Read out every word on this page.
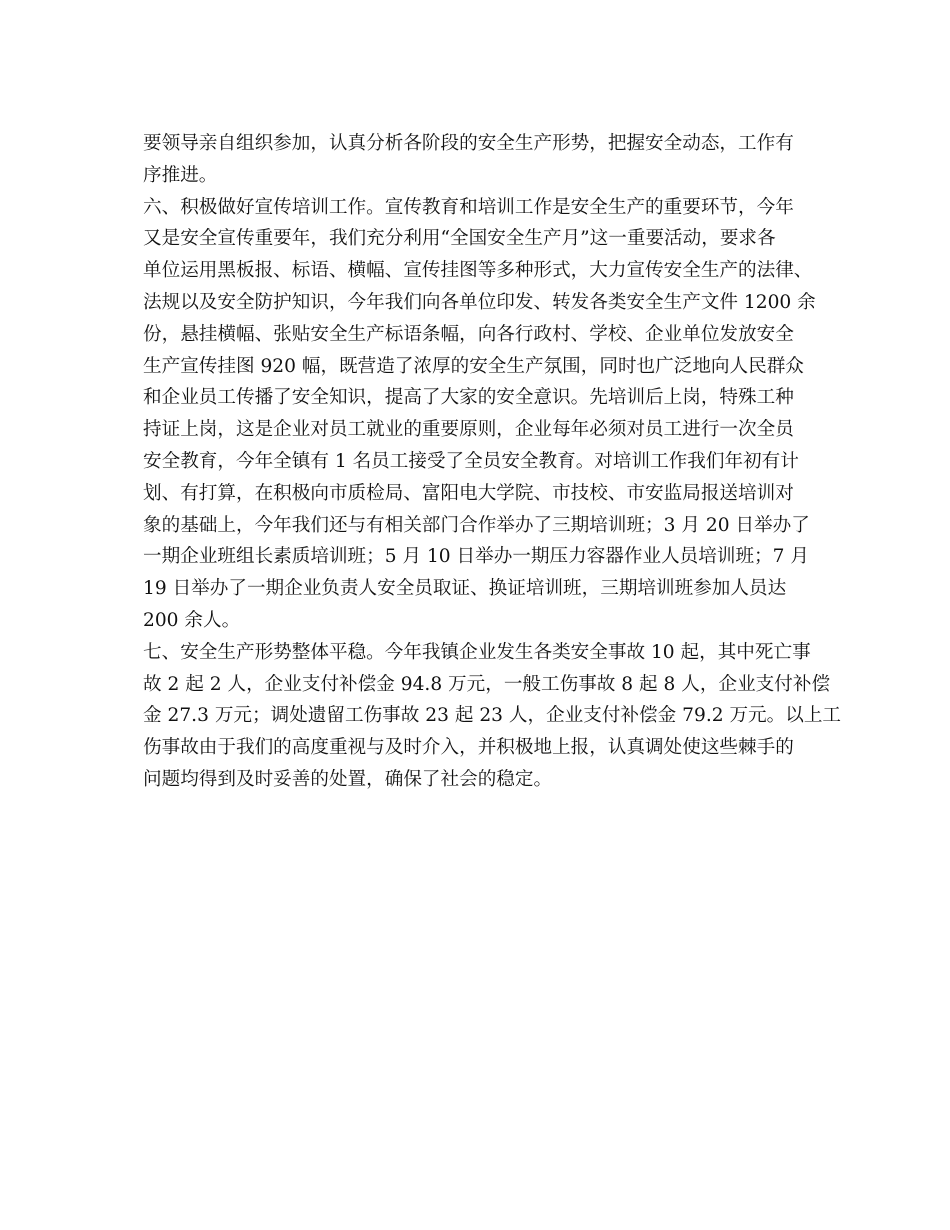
要领导亲自组织参加，认真分析各阶段的安全生产形势，把握安全动态，工作有
序推进。
六、积极做好宣传培训工作。宣传教育和培训工作是安全生产的重要环节，今年
又是安全宣传重要年，我们充分利用“全国安全生产月”这一重要活动，要求各
单位运用黑板报、标语、横幅、宣传挂图等多种形式，大力宣传安全生产的法律、
法规以及安全防护知识，今年我们向各单位印发、转发各类安全生产文件 1200 余
份，悬挂横幅、张贴安全生产标语条幅，向各行政村、学校、企业单位发放安全
生产宣传挂图 920 幅，既营造了浓厚的安全生产氛围，同时也广泛地向人民群众
和企业员工传播了安全知识，提高了大家的安全意识。先培训后上岗，特殊工种
持证上岗，这是企业对员工就业的重要原则，企业每年必须对员工进行一次全员
安全教育，今年全镇有 1 名员工接受了全员安全教育。对培训工作我们年初有计
划、有打算，在积极向市质检局、富阳电大学院、市技校、市安监局报送培训对
象的基础上，今年我们还与有相关部门合作举办了三期培训班；3 月 20 日举办了
一期企业班组长素质培训班；5 月 10 日举办一期压力容器作业人员培训班；7 月
19 日举办了一期企业负责人安全员取证、换证培训班，三期培训班参加人员达
200 余人。
七、安全生产形势整体平稳。今年我镇企业发生各类安全事故 10 起，其中死亡事
故 2 起 2 人，企业支付补偿金 94.8 万元，一般工伤事故 8 起 8 人，企业支付补偿
金 27.3 万元；调处遗留工伤事故 23 起 23 人，企业支付补偿金 79.2 万元。以上工
伤事故由于我们的高度重视与及时介入，并积极地上报，认真调处使这些棘手的
问题均得到及时妥善的处置，确保了社会的稳定。
